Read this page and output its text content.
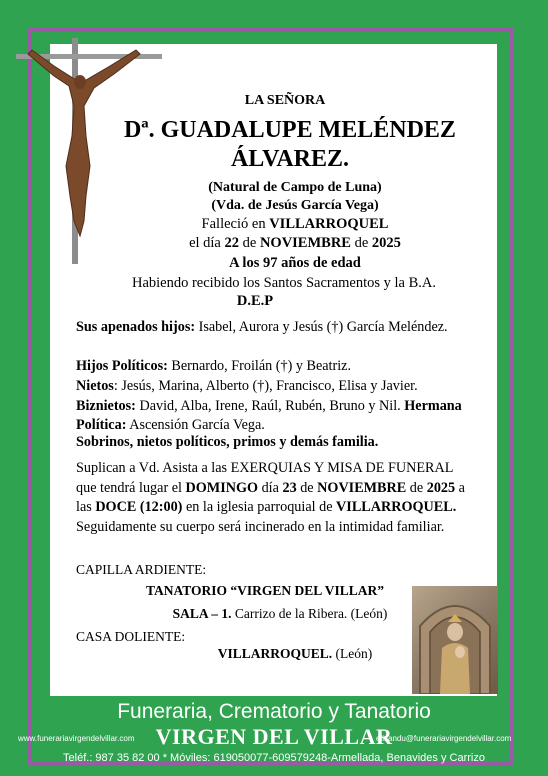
LA SEÑORA
Dª. GUADALUPE MELÉNDEZ
ÁLVAREZ.
(Natural de Campo de Luna)
(Vda. de Jesús García Vega)
Falleció en VILLARROQUEL
el día 22 de NOVIEMBRE de 2025
A los 97 años de edad
Habiendo recibido los Santos Sacramentos y la B.A.
D.E.P
Sus apenados hijos: Isabel, Aurora y Jesús (†) García Meléndez.
Hijos Políticos: Bernardo, Froilán (†) y Beatriz.
Nietos: Jesús, Marina, Alberto (†), Francisco, Elisa y Javier. Biznietos: David, Alba, Irene, Raúl, Rubén, Bruno y Nil. Hermana Política: Ascensión García Vega.
Sobrinos, nietos políticos, primos y demás familia.
Suplican a Vd. Asista a las EXERQUIAS Y MISA DE FUNERAL que tendrá lugar el DOMINGO día 23 de NOVIEMBRE de 2025 a las DOCE (12:00) en la iglesia parroquial de VILLARROQUEL. Seguidamente su cuerpo será incinerado en la intimidad familiar.
CAPILLA ARDIENTE:
TANATORIO “VIRGEN DEL VILLAR”
SALA – 1. Carrizo de la Ribera. (León)
CASA DOLIENTE:
VILLARROQUEL. (León)
Funeraria, Crematorio y Tanatorio
www.funerariavirgendelvillar.com	elisandu@funerariavirgendelvillar.com
VIRGEN DEL VILLAR
Teléf.: 987 35 82 00 * Móviles: 619050077-609579248-Armellada, Benavides y Carrizo
